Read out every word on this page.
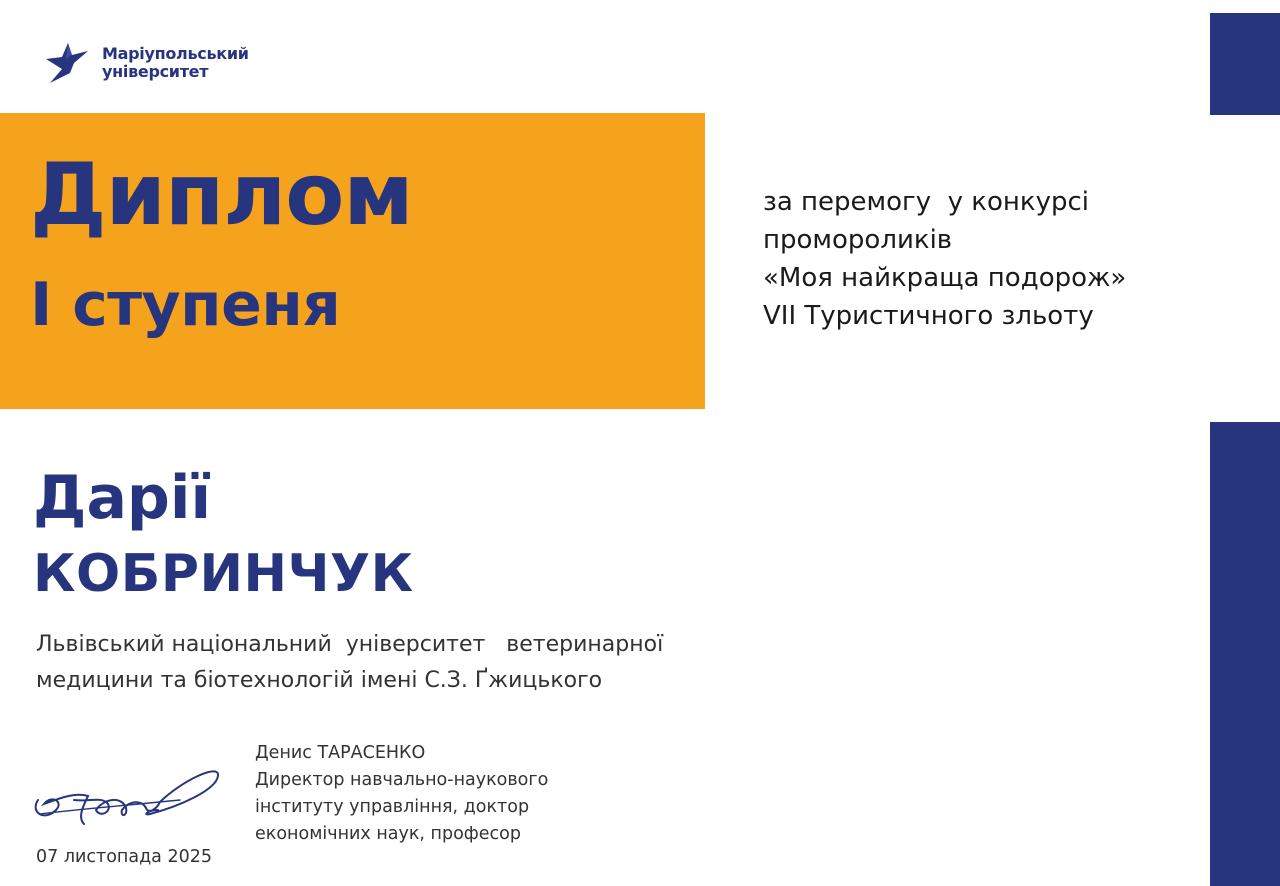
Маріупольський
університет
Диплом
І ступеня
за перемогу  у конкурсі
промороликів
«Моя найкраща подорож»
VII Туристичного зльоту
Дарії
КОБРИНЧУК
Львівський національний  університет   ветеринарної
медицини та біотехнологій імені С.З. Ґжицького
Денис ТАРАСЕНКО
Директор навчально-наукового
інституту управління, доктор
економічних наук, професор
07 листопада 2025
